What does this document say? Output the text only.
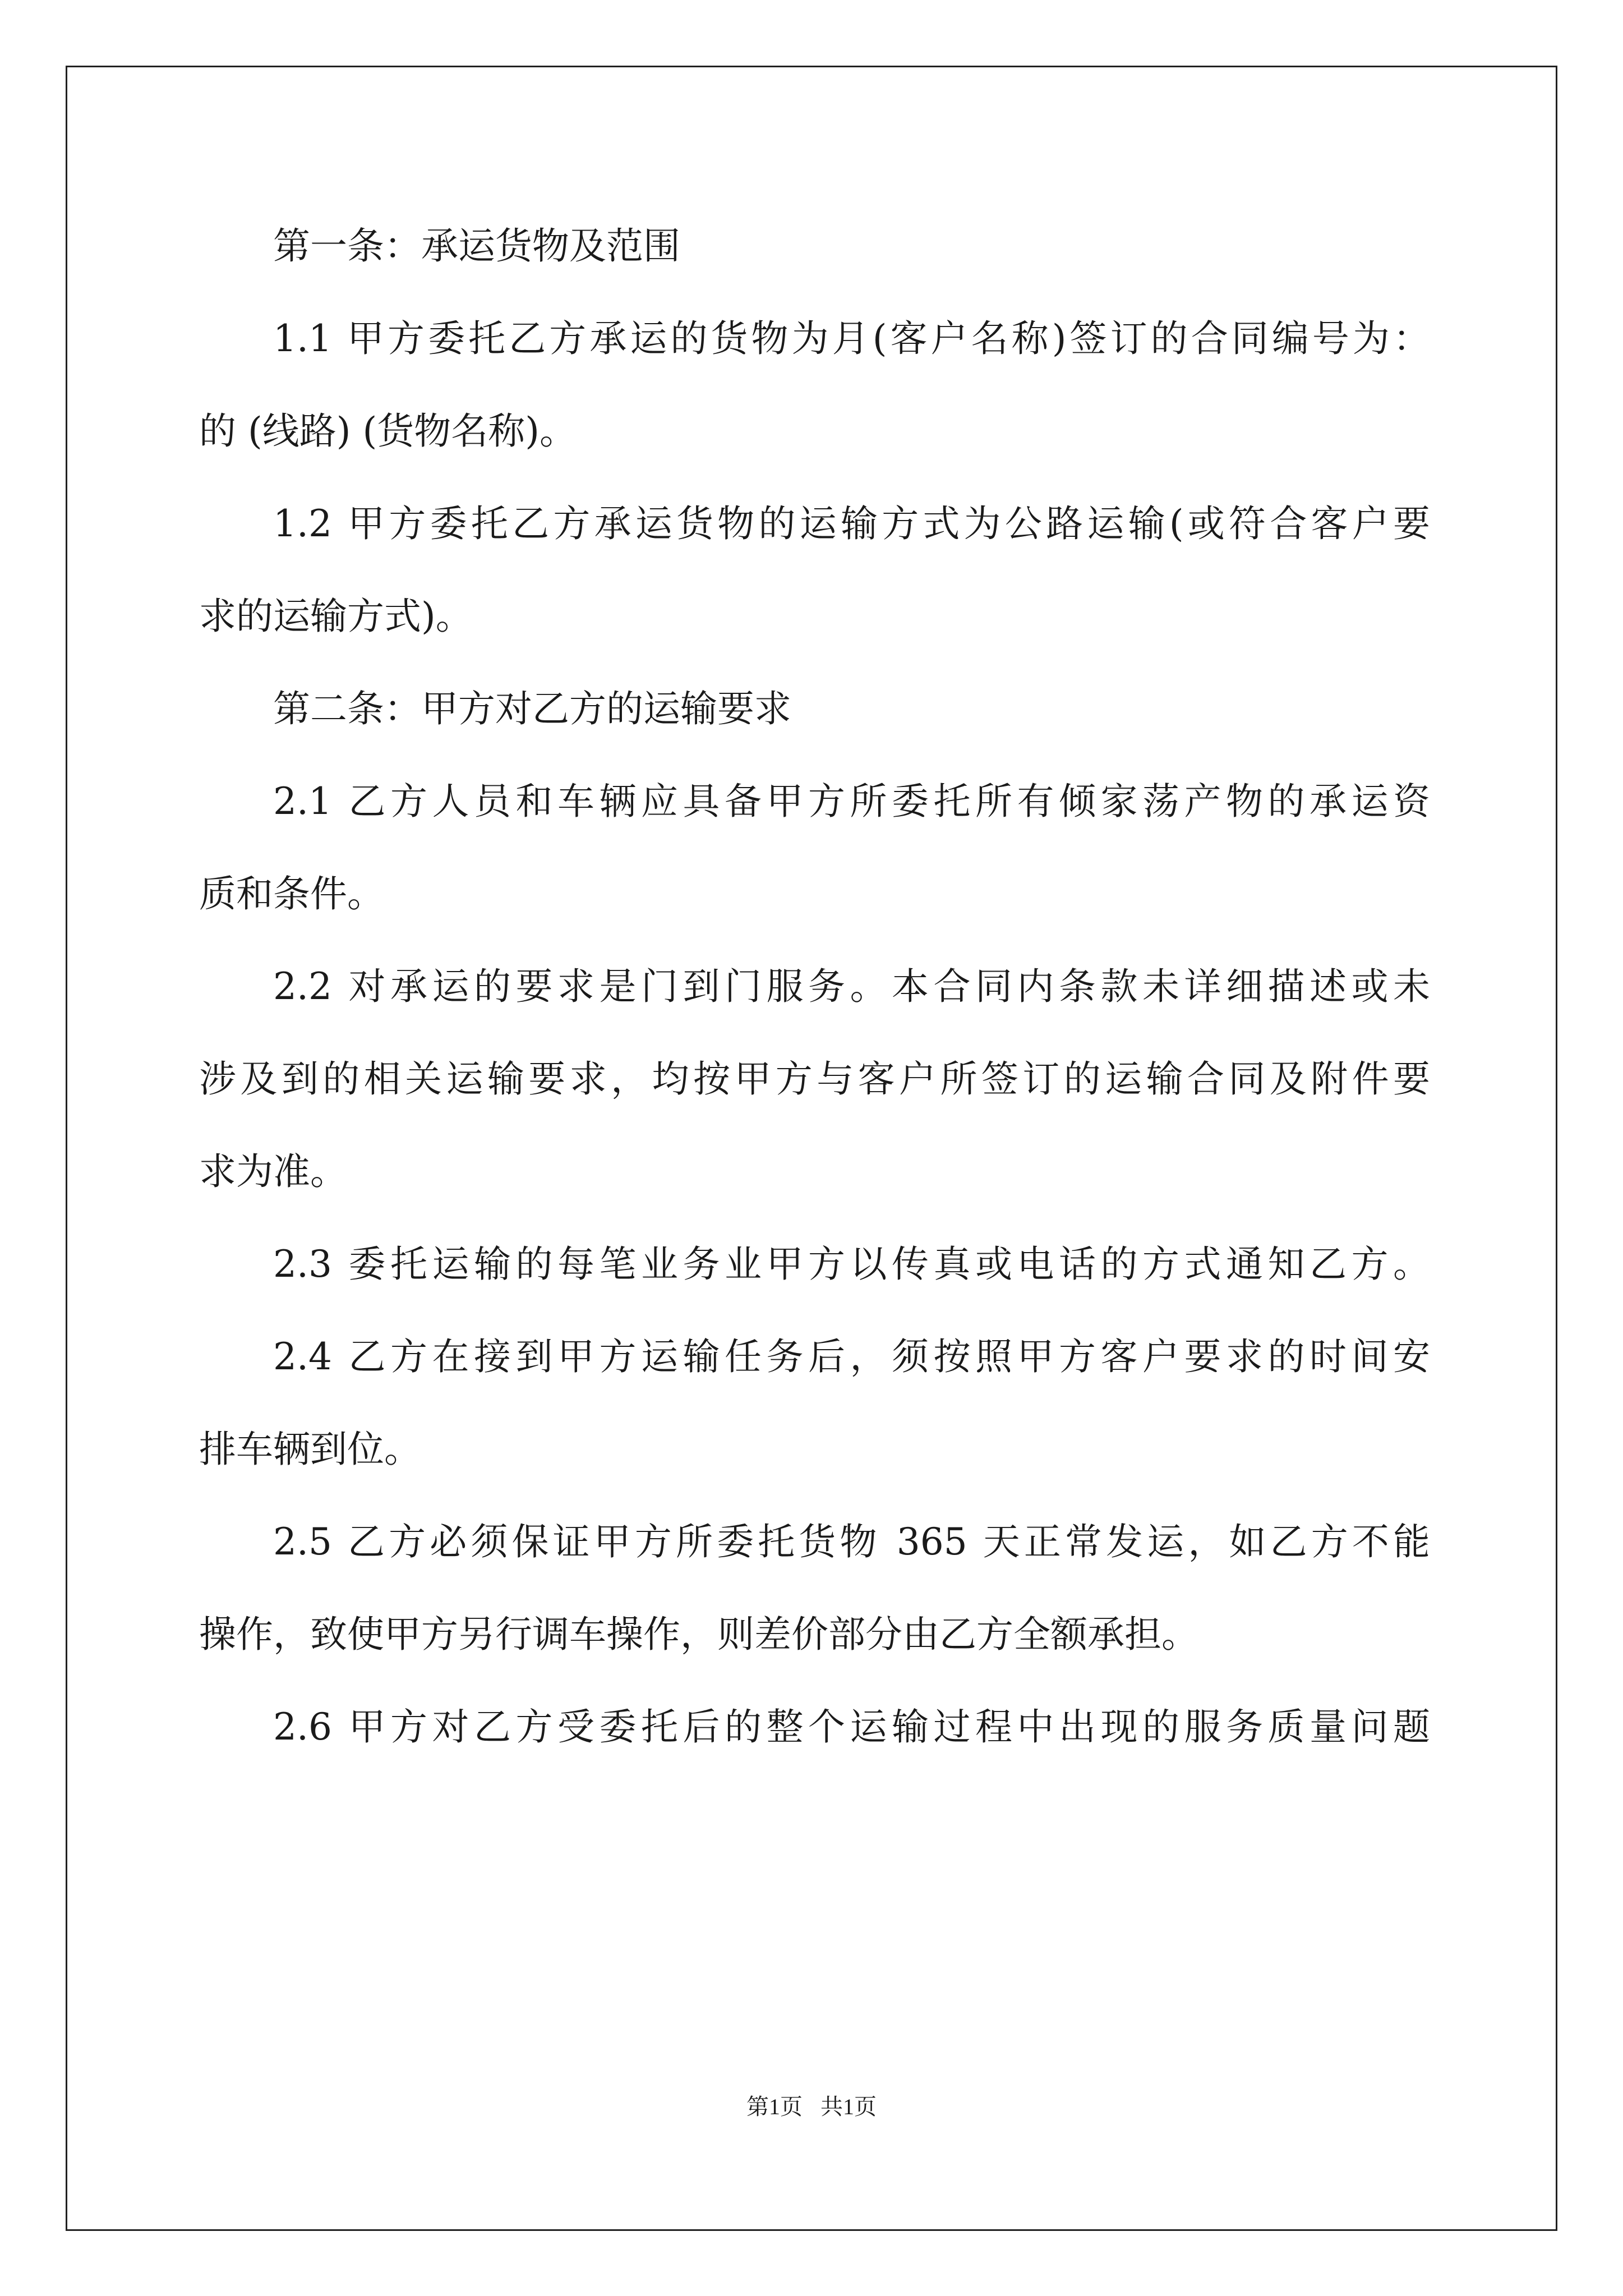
第一条：承运货物及范围
1.1 甲方委托乙方承运的货物为月(客户名称)签订的合同编号为：
的 (线路) (货物名称)。
1.2 甲方委托乙方承运货物的运输方式为公路运输(或符合客户要
求的运输方式)。
第二条：甲方对乙方的运输要求
2.1 乙方人员和车辆应具备甲方所委托所有倾家荡产物的承运资
质和条件。
2.2 对承运的要求是门到门服务。本合同内条款未详细描述或未
涉及到的相关运输要求，均按甲方与客户所签订的运输合同及附件要
求为准。
2.3 委托运输的每笔业务业甲方以传真或电话的方式通知乙方。
2.4 乙方在接到甲方运输任务后，须按照甲方客户要求的时间安
排车辆到位。
2.5 乙方必须保证甲方所委托货物 365 天正常发运，如乙方不能
操作，致使甲方另行调车操作，则差价部分由乙方全额承担。
2.6 甲方对乙方受委托后的整个运输过程中出现的服务质量问题
第1页 共1页
